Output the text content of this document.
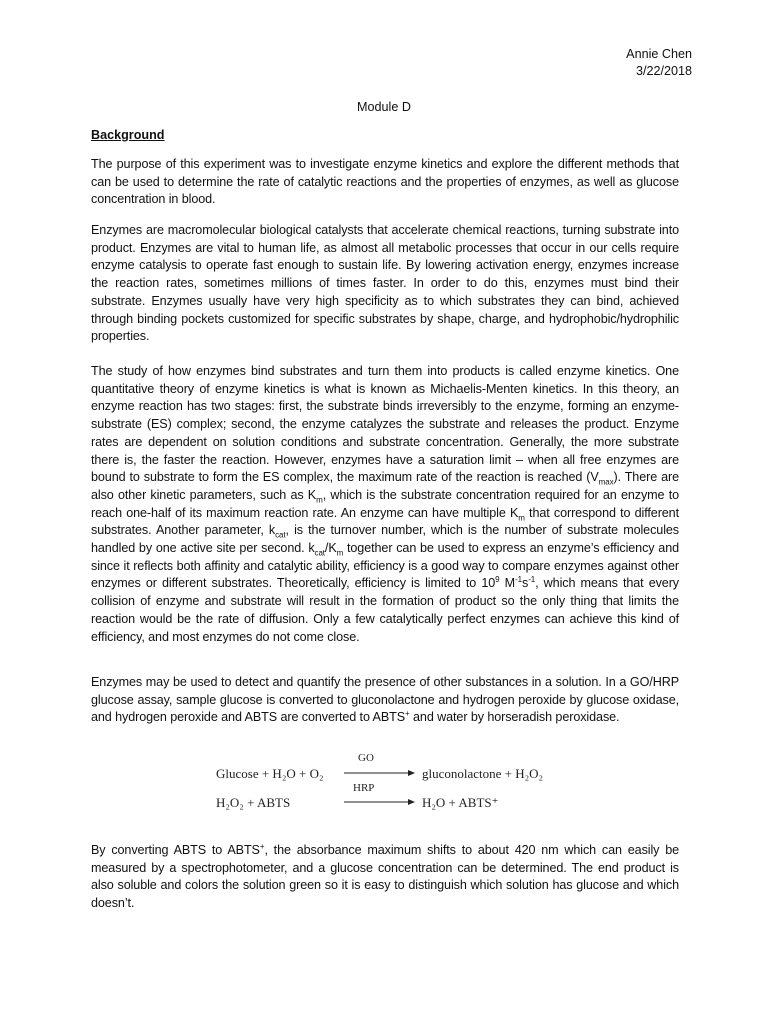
Annie Chen
3/22/2018
Module D
Background

The purpose of this experiment was to investigate enzyme kinetics and explore the different methods that can be used to determine the rate of catalytic reactions and the properties of enzymes, as well as glucose concentration in blood.

Enzymes are macromolecular biological catalysts that accelerate chemical reactions, turning substrate into product. Enzymes are vital to human life, as almost all metabolic processes that occur in our cells require enzyme catalysis to operate fast enough to sustain life. By lowering activation energy, enzymes increase the reaction rates, sometimes millions of times faster. In order to do this, enzymes must bind their substrate. Enzymes usually have very high specificity as to which substrates they can bind, achieved through binding pockets customized for specific substrates by shape, charge, and hydrophobic/hydrophilic properties.

The study of how enzymes bind substrates and turn them into products is called enzyme kinetics. One quantitative theory of enzyme kinetics is what is known as Michaelis-Menten kinetics. In this theory, an enzyme reaction has two stages: first, the substrate binds irreversibly to the enzyme, forming an enzyme-substrate (ES) complex; second, the enzyme catalyzes the substrate and releases the product. Enzyme rates are dependent on solution conditions and substrate concentration. Generally, the more substrate there is, the faster the reaction. However, enzymes have a saturation limit – when all free enzymes are bound to substrate to form the ES complex, the maximum rate of the reaction is reached $(V_{max})$. There are also other kinetic parameters, such as $K_m$, which is the substrate concentration required for an enzyme to reach one-half of its maximum reaction rate. An enzyme can have multiple $K_m$ that correspond to different substrates. Another parameter, $k_{cat}$, is the turnover number, which is the number of substrate molecules handled by one active site per second. $k_{cat}/K_m$ together can be used to express an enzyme’s efficiency and since it reflects both affinity and catalytic ability, efficiency is a good way to compare enzymes against other enzymes or different substrates. Theoretically, efficiency is limited to $10^9$ $M^{-1}s^{-1}$, which means that every collision of enzyme and substrate will result in the formation of product so the only thing that limits the reaction would be the rate of diffusion. Only a few catalytically perfect enzymes can achieve this kind of efficiency, and most enzymes do not come close.

Enzymes may be used to detect and quantify the presence of other substances in a solution. In a GO/HRP glucose assay, sample glucose is converted to gluconolactone and hydrogen peroxide by glucose oxidase, and hydrogen peroxide and ABTS are converted to ABTS+ and water by horseradish peroxidase.

Glucose + H₂O + O₂
GO
gluconolactone + H₂O₂
H₂O₂ + ABTS
HRP
H₂O + ABTS⁺

By converting ABTS to ABTS+, the absorbance maximum shifts to about 420 nm which can easily be measured by a spectrophotometer, and a glucose concentration can be determined. The end product is also soluble and colors the solution green so it is easy to distinguish which solution has glucose and which doesn’t.
